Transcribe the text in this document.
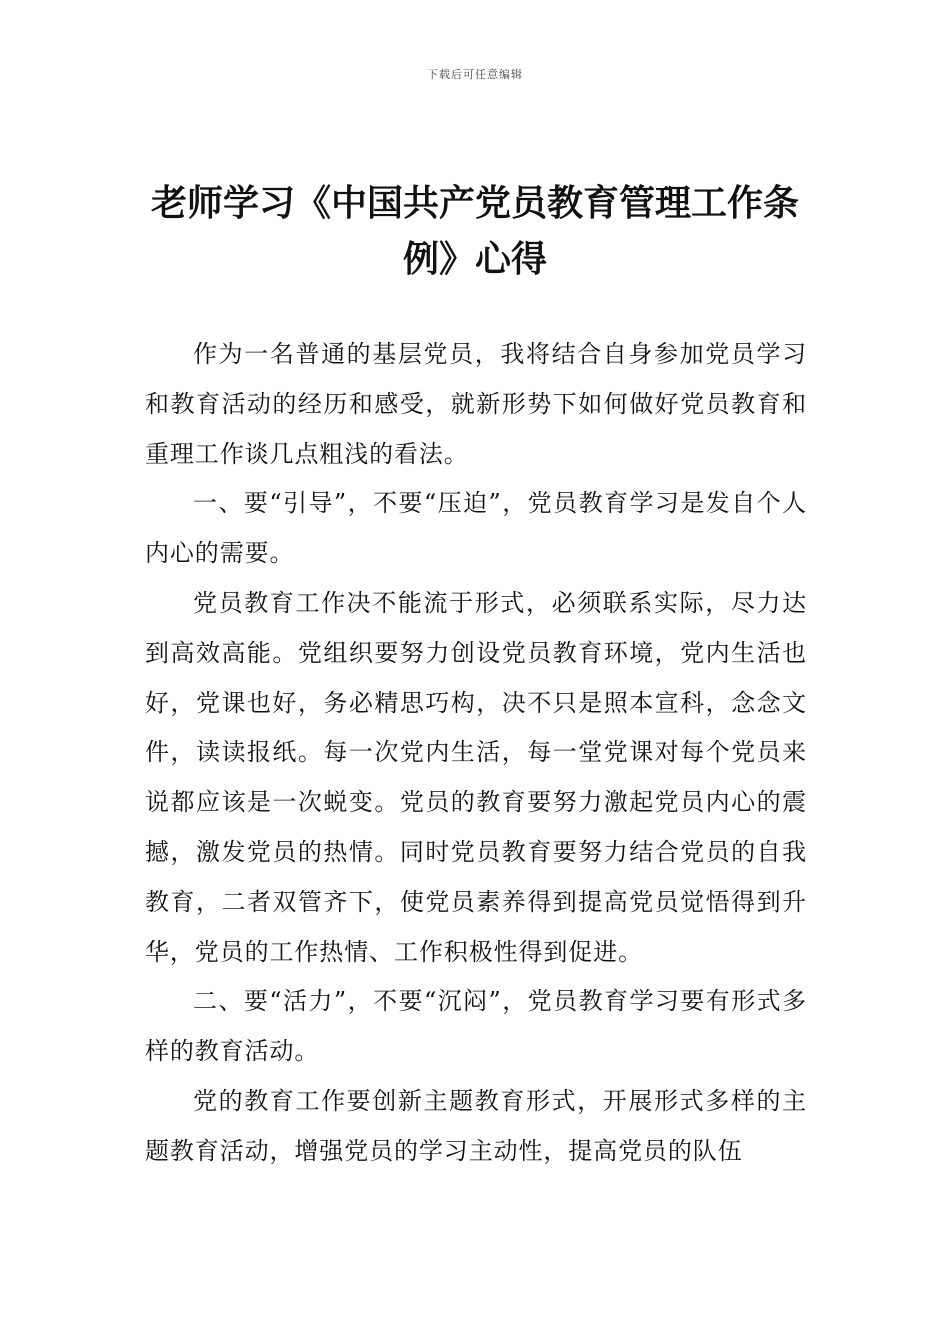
下载后可任意编辑
老师学习《中国共产党员教育管理工作条例》心得

作为一名普通的基层党员，我将结合自身参加党员学习和教育活动的经历和感受，就新形势下如何做好党员教育和重理工作谈几点粗浅的看法。

一、要“引导”，不要“压迫”，党员教育学习是发自个人内心的需要。

党员教育工作决不能流于形式，必须联系实际，尽力达到高效高能。党组织要努力创设党员教育环境，党内生活也好，党课也好，务必精思巧构，决不只是照本宣科，念念文件，读读报纸。每一次党内生活，每一堂党课对每个党员来说都应该是一次蜕变。党员的教育要努力激起党员内心的震撼，激发党员的热情。同时党员教育要努力结合党员的自我教育，二者双管齐下，使党员素养得到提高党员觉悟得到升华，党员的工作热情、工作积极性得到促进。

二、要“活力”，不要“沉闷”，党员教育学习要有形式多样的教育活动。

党的教育工作要创新主题教育形式，开展形式多样的主题教育活动，增强党员的学习主动性，提高党员的队伍
